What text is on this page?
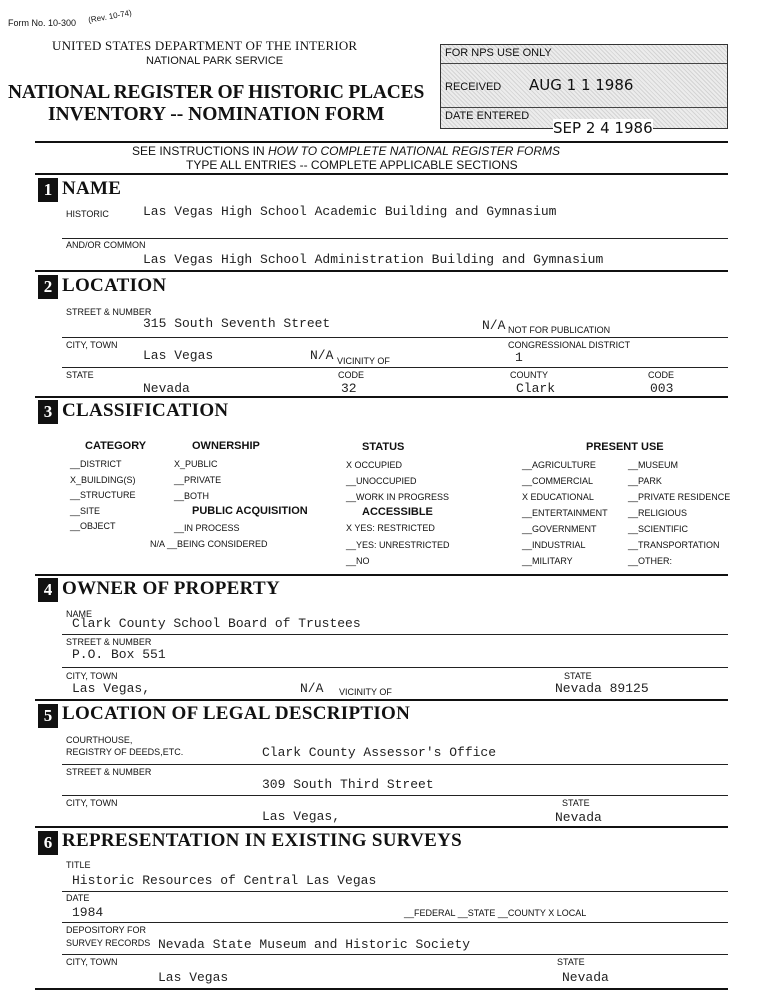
Form No. 10-300 (Rev. 10-74)
UNITED STATES DEPARTMENT OF THE INTERIOR
NATIONAL PARK SERVICE
NATIONAL REGISTER OF HISTORIC PLACES
INVENTORY -- NOMINATION FORM
FOR NPS USE ONLY
RECEIVED AUG 1 1 1986
DATE ENTERED
SEP 2 4 1986
SEE INSTRUCTIONS IN HOW TO COMPLETE NATIONAL REGISTER FORMS
TYPE ALL ENTRIES -- COMPLETE APPLICABLE SECTIONS
1 NAME
HISTORIC	Las Vegas High School Academic Building and Gymnasium
AND/OR COMMON
Las Vegas High School Administration Building and Gymnasium
2 LOCATION
STREET & NUMBER
315 South Seventh Street	N/A NOT FOR PUBLICATION
CITY, TOWN
Las Vegas	N/A VICINITY OF
CONGRESSIONAL DISTRICT
1
STATE
Nevada
CODE
32
COUNTY
Clark
CODE
003
3 CLASSIFICATION
CATEGORY
__DISTRICT
X_BUILDING(S)
__STRUCTURE
__SITE
__OBJECT
OWNERSHIP
X_PUBLIC
__PRIVATE
__BOTH
PUBLIC ACQUISITION
__IN PROCESS
N/A __BEING CONSIDERED
STATUS
X OCCUPIED
__UNOCCUPIED
__WORK IN PROGRESS
ACCESSIBLE
X YES: RESTRICTED
__YES: UNRESTRICTED
__NO
PRESENT USE
__AGRICULTURE
__COMMERCIAL
X EDUCATIONAL
__ENTERTAINMENT
__GOVERNMENT
__INDUSTRIAL
__MILITARY
__MUSEUM
__PARK
__PRIVATE RESIDENCE
__RELIGIOUS
__SCIENTIFIC
__TRANSPORTATION
__OTHER:
4 OWNER OF PROPERTY
NAME
Clark County School Board of Trustees
STREET & NUMBER
P.O. Box 551
CITY, TOWN
Las Vegas,	N/A VICINITY OF
STATE
Nevada 89125
5 LOCATION OF LEGAL DESCRIPTION
COURTHOUSE,
REGISTRY OF DEEDS,ETC.	Clark County Assessor's Office
STREET & NUMBER
309 South Third Street
CITY, TOWN
Las Vegas,
STATE
Nevada
6 REPRESENTATION IN EXISTING SURVEYS
TITLE
Historic Resources of Central Las Vegas
DATE
1984	__FEDERAL __STATE __COUNTY X LOCAL
DEPOSITORY FOR
SURVEY RECORDS Nevada State Museum and Historic Society
CITY, TOWN
Las Vegas
STATE
Nevada
